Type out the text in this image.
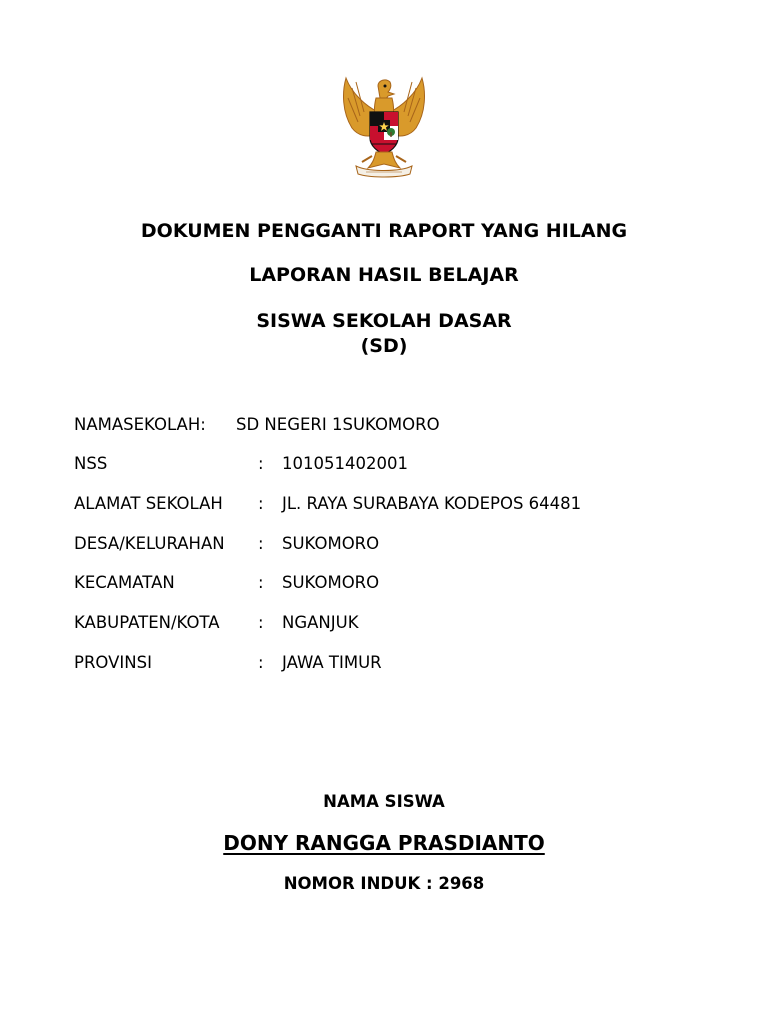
DOKUMEN PENGGANTI RAPORT YANG HILANG
LAPORAN HASIL BELAJAR
SISWA SEKOLAH DASAR
(SD)
NAMASEKOLAH: SD NEGERI 1SUKOMORO
NSS	: 101051402001
ALAMAT SEKOLAH : JL. RAYA SURABAYA KODEPOS 64481
DESA/KELURAHAN : SUKOMORO
KECAMATAN	: SUKOMORO
KABUPATEN/KOTA : NGANJUK
PROVINSI	: JAWA TIMUR
NAMA SISWA
DONY RANGGA PRASDIANTO
NOMOR INDUK : 2968
